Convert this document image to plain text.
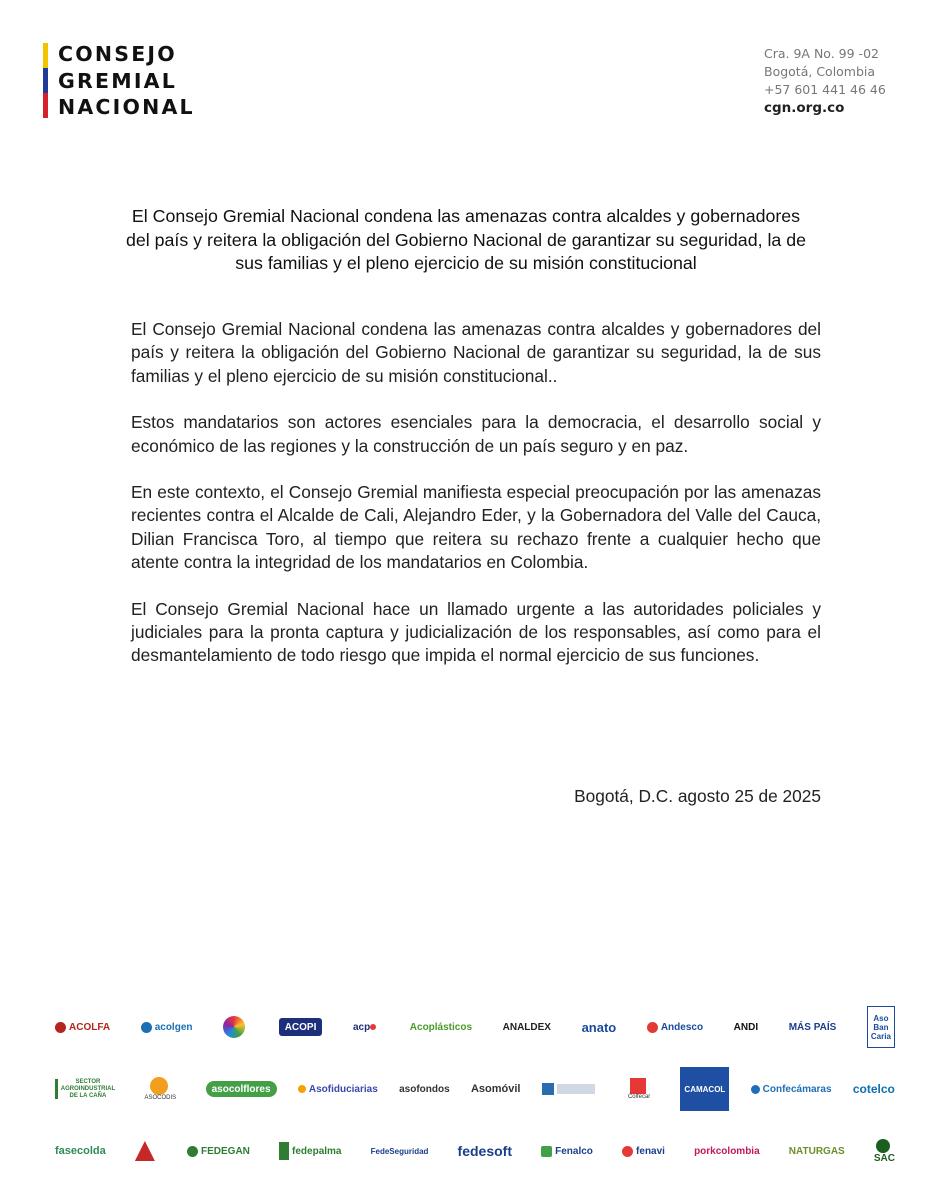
CONSEJO
GREMIAL
NACIONAL
Cra. 9A No. 99 -02
Bogotá, Colombia
+57 601 441 46 46
cgn.org.co
El Consejo Gremial Nacional condena las amenazas contra alcaldes y gobernadores del país y reitera la obligación del Gobierno Nacional de garantizar su seguridad, la de sus familias y el pleno ejercicio de su misión constitucional

El Consejo Gremial Nacional condena las amenazas contra alcaldes y gobernadores del país y reitera la obligación del Gobierno Nacional de garantizar su seguridad, la de sus familias y el pleno ejercicio de su misión constitucional..

Estos mandatarios son actores esenciales para la democracia, el desarrollo social y económico de las regiones y la construcción de un país seguro y en paz.

En este contexto, el Consejo Gremial manifiesta especial preocupación por las amenazas recientes contra el Alcalde de Cali, Alejandro Eder, y la Gobernadora del Valle del Cauca, Dilian Francisca Toro, al tiempo que reitera su rechazo frente a cualquier hecho que atente contra la integridad de los mandatarios en Colombia.

El Consejo Gremial Nacional hace un llamado urgente a las autoridades policiales y judiciales para la pronta captura y judicialización de los responsables, así como para el desmantelamiento de todo riesgo que impida el normal ejercicio de sus funciones.

Bogotá, D.C. agosto 25 de 2025
ACOLFA	acolgen	ACOPI	acp	Acoplásticos	ANALDEX anato	Andesco	ANDI	MÁS PAÍS
Aso Ban Caria
SECTOR AGROINDUSTRIAL DE LA CAÑA	ASOCODIS
asocolflores	Asofiduciarias asofondos Asomóvil
Colfecar
CAMACOL	Confecámaras cotelco
fasecolda	FEDEGAN	fedepalma	FedeSeguridad fedesoft	Fenalco	fenavi	porkcolombia	NATURGAS
SAC
